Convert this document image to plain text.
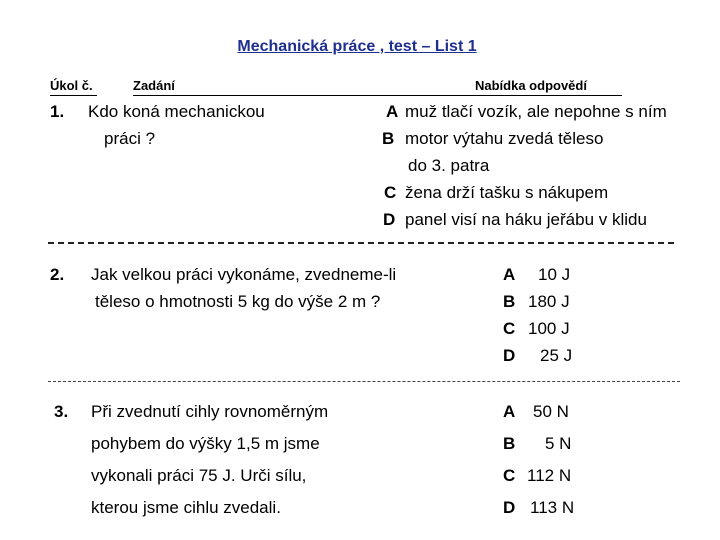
Mechanická práce , test – List 1
Úkol č.	Zadání	Nabídka odpovědí
1. Kdo koná mechanickou
práci ?
A muž tlačí vozík, ale nepohne s ním
B motor výtahu zvedá těleso
do 3. patra
C žena drží tašku s nákupem
D panel visí na háku jeřábu v klidu
2. Jak velkou práci vykonáme, zvedneme-li
těleso o hmotnosti 5 kg do výše 2 m ?
A 10 J
B 180 J
C 100 J
D 25 J
3. Při zvednutí cihly rovnoměrným
pohybem do výšky 1,5 m jsme
vykonali práci 75 J. Urči sílu,
kterou jsme cihlu zvedali.
A 50 N
B 5 N
C 112 N
D 113 N
